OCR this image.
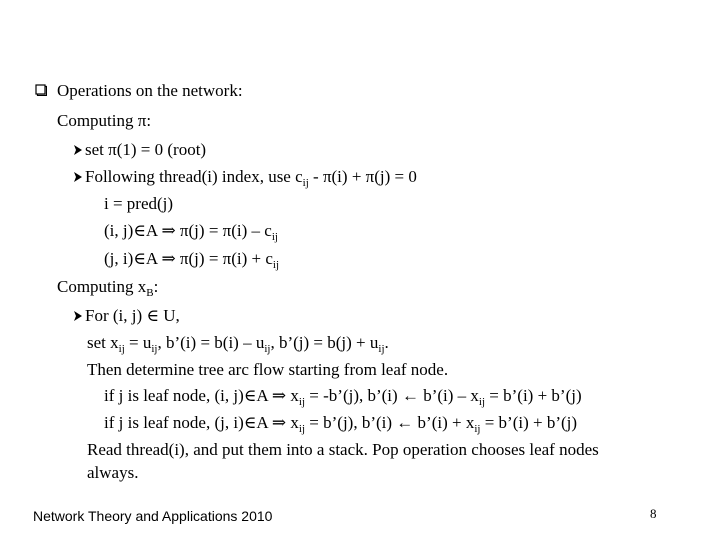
Operations on the network:
Computing π:
set π(1) = 0 (root)
Following thread(i) index, use $c_{ij} - \pi(i) + \pi(j) = 0$
i = pred(j)
(i, j)∈A ⇒ $\pi(j) = \pi(i) - c_{ij}$
(j, i)∈A ⇒ $\pi(j) = \pi(i) + c_{ij}$
Computing $x_B$:
For (i, j) ∈ U,
set $x_{ij} = u_{ij}$, b’(i) = $b(i) - u_{ij}$, b’(j) = $b(j) + u_{ij}$.
Then determine tree arc flow starting from leaf node.
if j is leaf node, (i, j)∈A ⇒ $x_{ij}$ = -b’(j), b’(i) ← b’(i) – $x_{ij}$ = b’(i) + b’(j)
if j is leaf node, (j, i)∈A ⇒ $x_{ij}$ = b’(j), b’(i) ← b’(i) + $x_{ij}$ = b’(i) + b’(j)
Read thread(i), and put them into a stack. Pop operation chooses leaf nodes
always.
Network Theory and Applications 2010	8
